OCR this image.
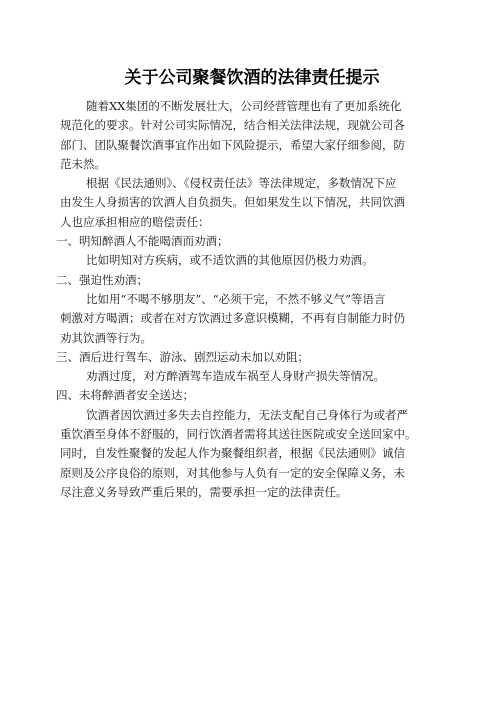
关于公司聚餐饮酒的法律责任提示

随着XX集团的不断发展壮大，公司经营管理也有了更加系统化

规范化的要求。针对公司实际情况，结合相关法律法规，现就公司各

部门、团队聚餐饮酒事宜作出如下风险提示，希望大家仔细参阅，防

范未然。

根据《民法通则》、《侵权责任法》等法律规定，多数情况下应

由发生人身损害的饮酒人自负损失。但如果发生以下情况，共同饮酒

人也应承担相应的赔偿责任：

一、明知醉酒人不能喝酒而劝酒；

比如明知对方疾病，或不适饮酒的其他原因仍极力劝酒。

二、强迫性劝酒；

比如用“不喝不够朋友”、“必须干完，不然不够义气”等语言

刺激对方喝酒；或者在对方饮酒过多意识模糊，不再有自制能力时仍

劝其饮酒等行为。

三、酒后进行驾车、游泳、剧烈运动未加以劝阻；

劝酒过度，对方醉酒驾车造成车祸至人身财产损失等情况。

四、未将醉酒者安全送达；

饮酒者因饮酒过多失去自控能力，无法支配自己身体行为或者严

重饮酒至身体不舒服的，同行饮酒者需将其送往医院或安全送回家中。

同时，自发性聚餐的发起人作为聚餐组织者，根据《民法通则》诚信

原则及公序良俗的原则，对其他参与人负有一定的安全保障义务，未

尽注意义务导致严重后果的，需要承担一定的法律责任。
